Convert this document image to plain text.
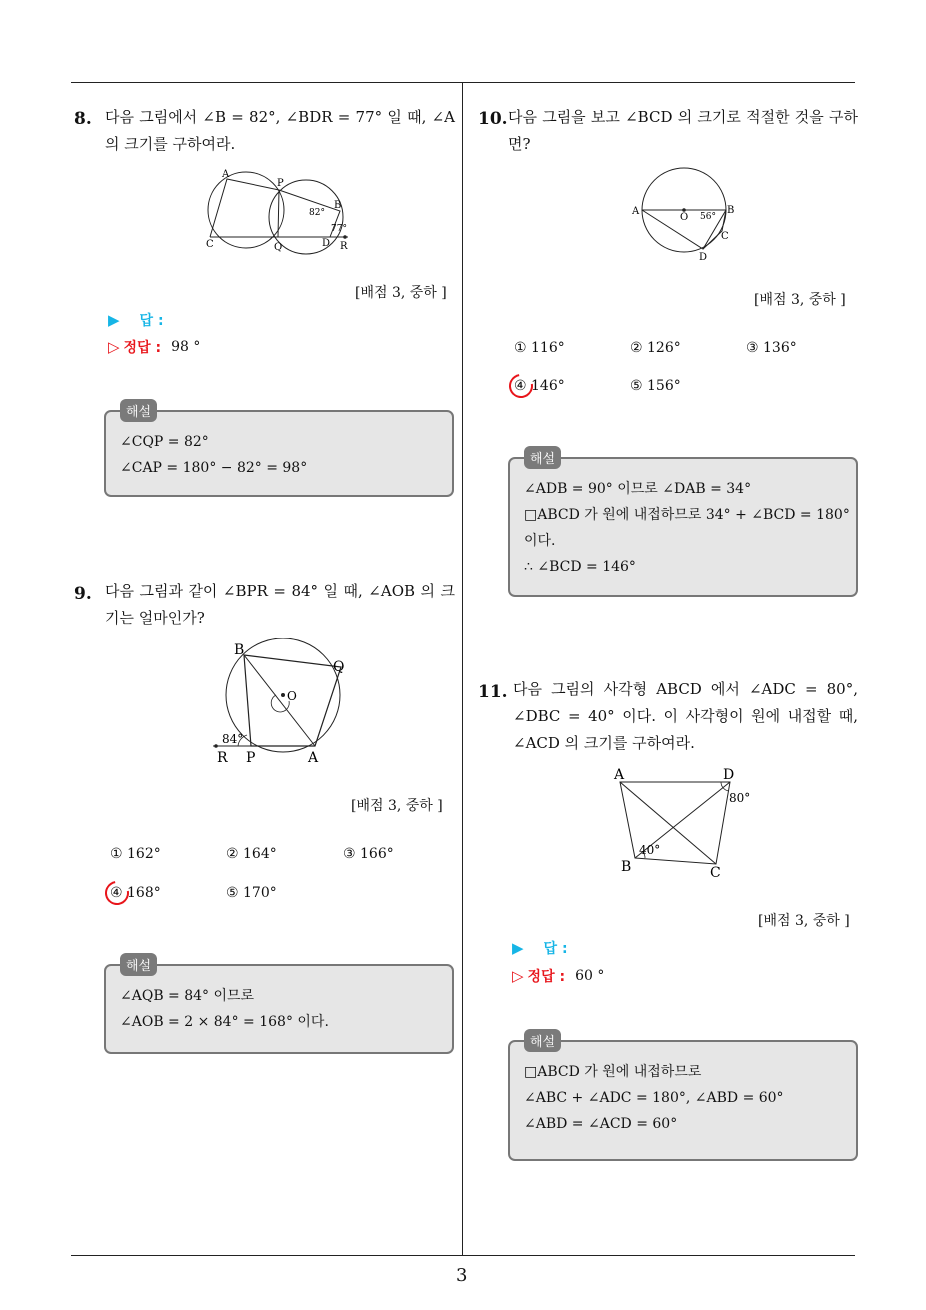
3
8. 다음 그림에서 ∠B = 82°, ∠BDR = 77° 일 때, ∠A 의 크기를 구하여라.
A
P
B
C	Q	D R
82°
77°
[배점 3, 중하 ]
▶ 답 :
▷ 정답 : 98 °
∠CQP = 82°
∠CAP = 180° − 82° = 98°
해설
9. 다음 그림과 같이 ∠BPR = 84° 일 때, ∠AOB 의 크기는 얼마인가?
B
Q
O
R P	A
84°
[배점 3, 중하 ]
① 162°	② 164°	③ 166°
④ 168°	⑤ 170°
∠AQB = 84° 이므로
∠AOB = 2 × 84° = 168° 이다.
해설
10. 다음 그림을 보고 ∠BCD 의 크기로 적절한 것을 구하면?
A
O
B
C
D
56°
[배점 3, 중하 ]
① 116°	② 126°	③ 136°
④ 146°	⑤ 156°
∠ADB = 90° 이므로 ∠DAB = 34°
□ABCD 가 원에 내접하므로 34° + ∠BCD = 180°
이다.
∴ ∠BCD = 146°
해설
11. 다음 그림의 사각형 ABCD 에서 ∠ADC = 80°, ∠DBC = 40° 이다. 이 사각형이 원에 내접할 때, ∠ACD 의 크기를 구하여라.
A	D
B	C
80°
40°
[배점 3, 중하 ]
▶ 답 :
▷ 정답 : 60 °
□ABCD 가 원에 내접하므로
∠ABC + ∠ADC = 180°, ∠ABD = 60°
∠ABD = ∠ACD = 60°
해설
